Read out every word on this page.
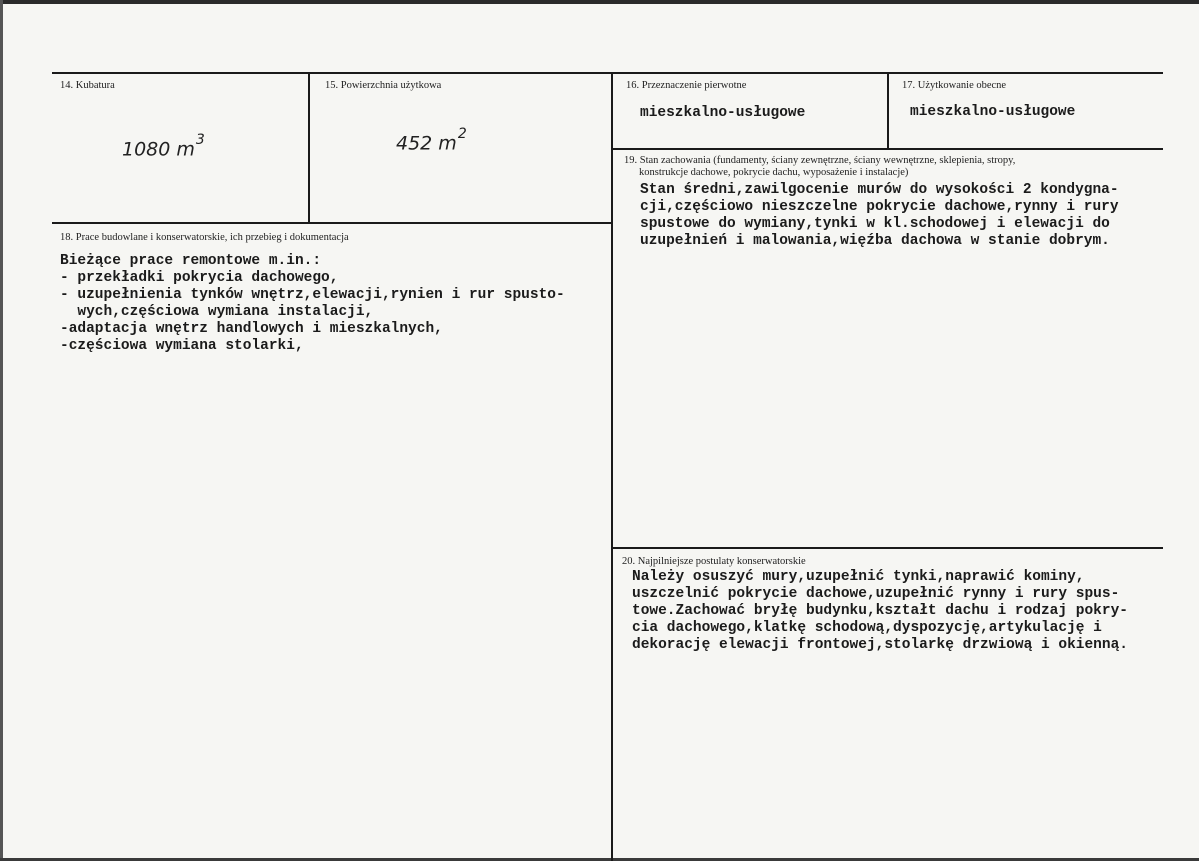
14. Kubatura
1080 $m^3$
15. Powierzchnia użytkowa
452 $m^2$
16. Przeznaczenie pierwotne
mieszkalno-usługowe
17. Użytkowanie obecne
mieszkalno-usługowe
19. Stan zachowania (fundamenty, ściany zewnętrzne, ściany wewnętrzne, sklepienia, stropy,
konstrukcje dachowe, pokrycie dachu, wyposażenie i instalacje)
Stan średni,zawilgocenie murów do wysokości 2 kondygna-
cji,częściowo nieszczelne pokrycie dachowe,rynny i rury
spustowe do wymiany,tynki w kl.schodowej i elewacji do
uzupełnień i malowania,więźba dachowa w stanie dobrym.
18. Prace budowlane i konserwatorskie, ich przebieg i dokumentacja
Bieżące prace remontowe m.in.:
- przekładki pokrycia dachowego,
- uzupełnienia tynków wnętrz,elewacji,rynien i rur spusto-
wych,częściowa wymiana instalacji,
-adaptacja wnętrz handlowych i mieszkalnych,
-częściowa wymiana stolarki,
20. Najpilniejsze postulaty konserwatorskie
Należy osuszyć mury,uzupełnić tynki,naprawić kominy,
uszczelnić pokrycie dachowe,uzupełnić rynny i rury spus-
towe.Zachować bryłę budynku,kształt dachu i rodzaj pokry-
cia dachowego,klatkę schodową,dyspozycję,artykulację i
dekorację elewacji frontowej,stolarkę drzwiową i okienną.
